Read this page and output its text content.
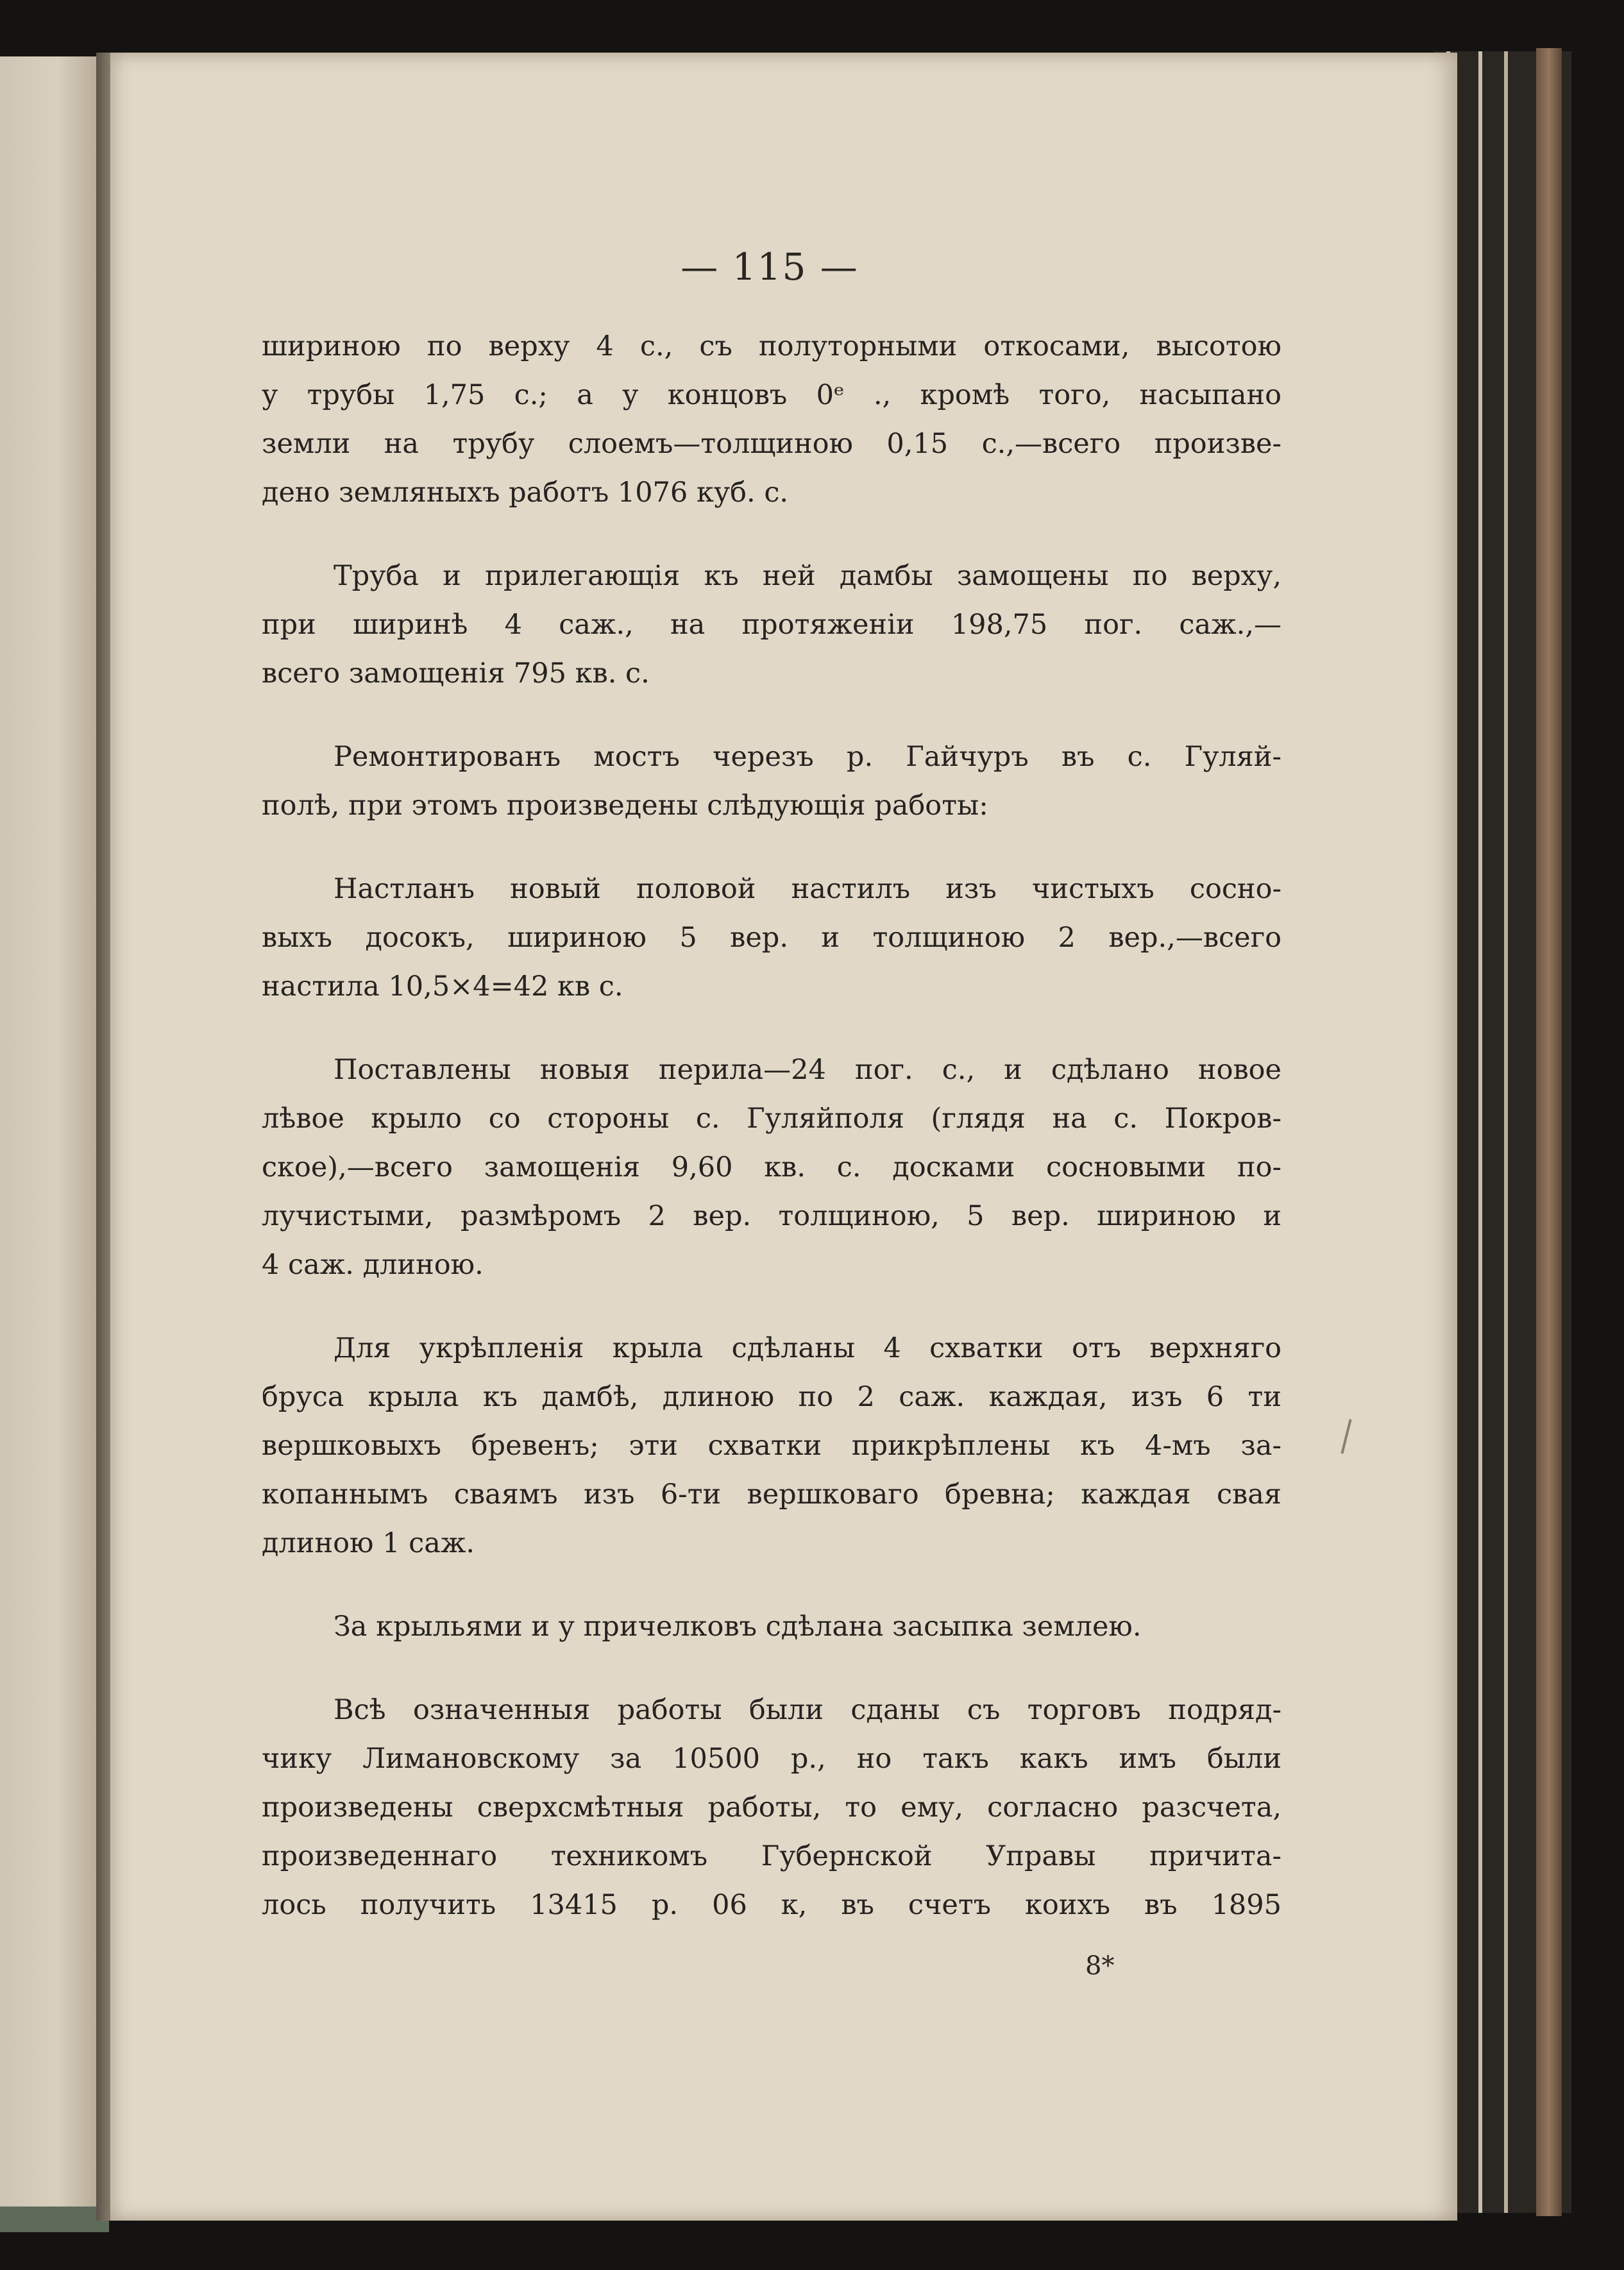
— 115 —

шириною по верху 4 с., съ полуторными откосами, высотою
у трубы 1,75 с.; а у концовъ 0ᵉ ., кромѣ того, насыпано
земли на трубу слоемъ—толщиною 0,15 с.,—всего произве-
дено земляныхъ работъ 1076 куб. с.

Труба и прилегающія къ ней дамбы замощены по верху,
при ширинѣ 4 саж., на протяженіи 198,75 пог. саж.,—
всего замощенія 795 кв. с.

Ремонтированъ мостъ черезъ р. Гайчуръ въ с. Гуляй-
полѣ, при этомъ произведены слѣдующія работы:

Настланъ новый половой настилъ изъ чистыхъ соcно-
выхъ досокъ, шириною 5 вер. и толщиною 2 вер.,—всего
настила 10,5×4=42 кв с.

Поставлены новыя перила—24 пог. с., и сдѣлано новое
лѣвое крыло со стороны с. Гуляйполя (глядя на с. Покров-
ское),—всего замощенія 9,60 кв. с. досками сосновыми по-
лучистыми, размѣромъ 2 вер. толщиною, 5 вер. шириною и
4 саж. длиною.

Для укрѣпленія крыла сдѣланы 4 схватки отъ верхняго
бруса крыла къ дамбѣ, длиною по 2 саж. каждая, изъ 6 ти
вершковыхъ бревенъ; эти схватки прикрѣплены къ 4-мъ за-
копаннымъ сваямъ изъ 6-ти вершковаго бревна; каждая свая
длиною 1 саж.

За крыльями и у причелковъ сдѣлана засыпка землею.

Всѣ означенныя работы были сданы съ торговъ подряд-
чику Лимановскому за 10500 р., но такъ какъ имъ были
произведены сверхсмѣтныя работы, то ему, согласно разсчета,
произведеннаго техникомъ Губернской Управы причита-
лось получить 13415 р. 06 к, въ счетъ коихъ въ 1895

8*
